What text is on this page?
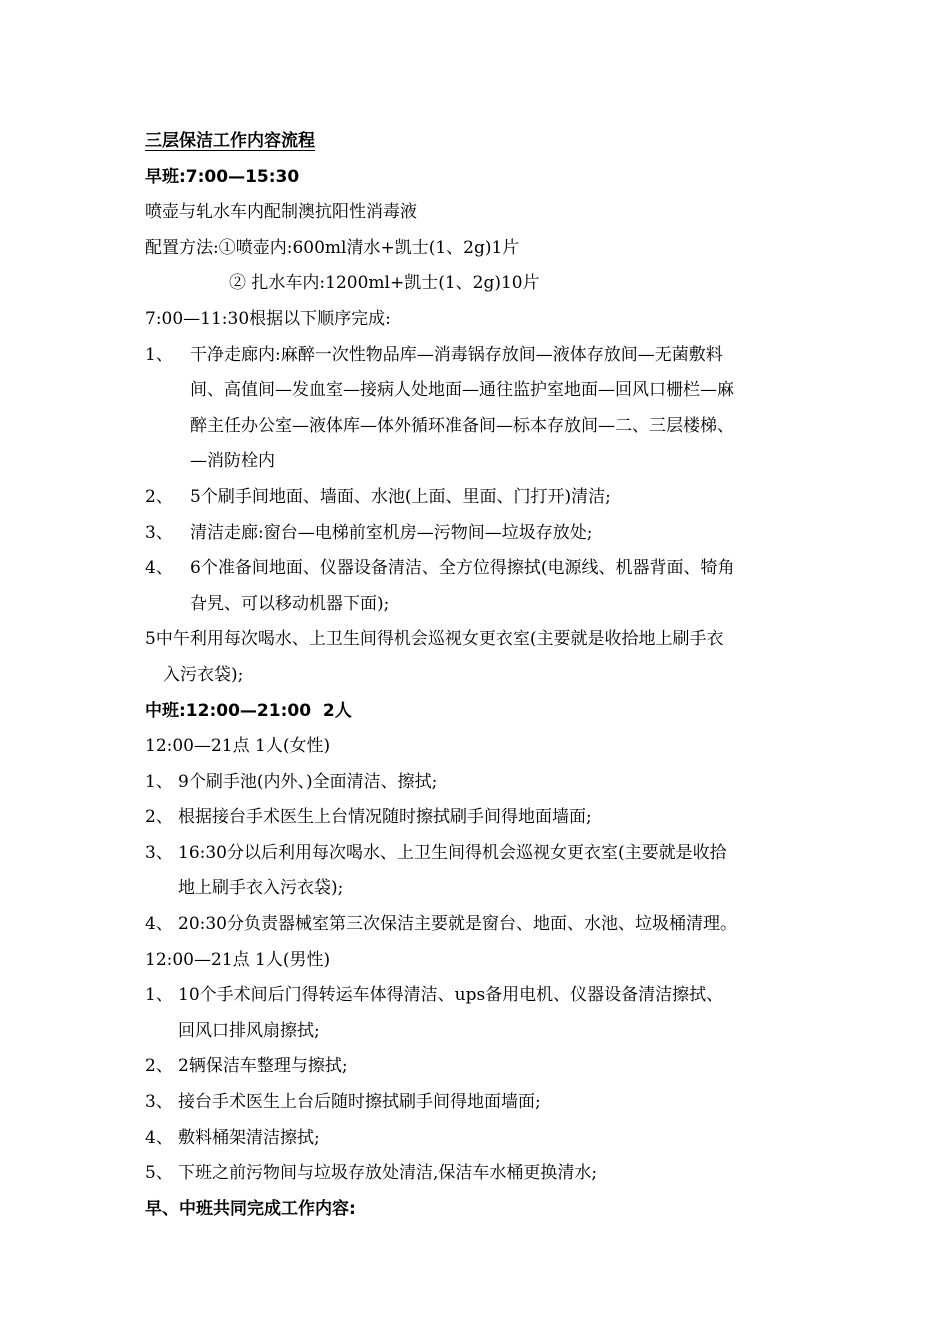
三层保洁工作内容流程
早班:7:00—15:30
喷壶与轧水车内配制澳抗阳性消毒液
配置方法:①喷壶内:600ml清水+凯士(1、2g)1片
② 扎水车内:1200ml+凯士(1、2g)10片
7:00—11:30根据以下顺序完成:
1、	干净走廊内:麻醉一次性物品库—消毒锅存放间—液体存放间—无菌敷料
间、高值间—发血室—接病人处地面—通往监护室地面—回风口栅栏—麻
醉主任办公室—液体库—体外循环准备间—标本存放间—二、三层楼梯、
—消防栓内
2、	5个刷手间地面、墙面、水池(上面、里面、门打开)清洁;
3、	清洁走廊:窗台—电梯前室机房—污物间—垃圾存放处;
4、	6个准备间地面、仪器设备清洁、全方位得擦拭(电源线、机器背面、犄角
旮旯、可以移动机器下面);
5中午利用每次喝水、上卫生间得机会巡视女更衣室(主要就是收拾地上刷手衣
入污衣袋);
中班:12:00—21:00  2人
12:00—21点 1人(女性)
1、 9个刷手池(内外、)全面清洁、擦拭;
2、 根据接台手术医生上台情况随时擦拭刷手间得地面墙面;
3、 16:30分以后利用每次喝水、上卫生间得机会巡视女更衣室(主要就是收拾
地上刷手衣入污衣袋);
4、 20:30分负责器械室第三次保洁主要就是窗台、地面、水池、垃圾桶清理。
12:00—21点 1人(男性)
1、 10个手术间后门得转运车体得清洁、ups备用电机、仪器设备清洁擦拭、
回风口排风扇擦拭;
2、 2辆保洁车整理与擦拭;
3、 接台手术医生上台后随时擦拭刷手间得地面墙面;
4、 敷料桶架清洁擦拭;
5、 下班之前污物间与垃圾存放处清洁,保洁车水桶更换清水;
早、中班共同完成工作内容:
